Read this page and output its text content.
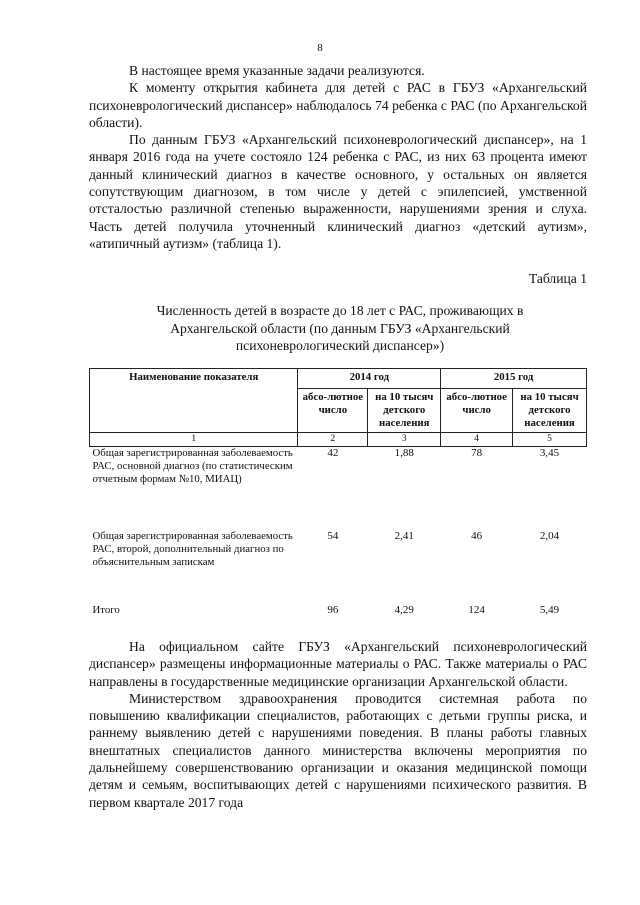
8

В настоящее время указанные задачи реализуются.

К моменту открытия кабинета для детей с РАС в ГБУЗ «Архангельский психоневрологический диспансер» наблюдалось 74 ребенка с РАС (по Архангельской области).

По данным ГБУЗ «Архангельский психоневрологический диспансер», на 1 января 2016 года на учете состояло 124 ребенка с РАС, из них 63 процента имеют данный клинический диагноз в качестве основного, у остальных он является сопутствующим диагнозом, в том числе у детей с эпилепсией, умственной отсталостью различной степенью выраженности, нарушениями зрения и слуха. Часть детей получила уточненный клинический диагноз «детский аутизм», «атипичный аутизм» (таблица 1).

Таблица 1
Численность детей в возрасте до 18 лет с РАС, проживающих в Архангельской области (по данным ГБУЗ «Архангельский психоневрологический диспансер»)
Наименование показателя	2014 год		2015 год	
	абсо-лютное число	на 10 тысяч детского населения	абсо-лютное число	на 10 тысяч детского населения
1	2	3	4	5
Общая зарегистрированная заболеваемость РАС, основной диагноз (по статистическим отчетным формам №10, МИАЦ)	42	1,88	78	3,45
Общая зарегистрированная заболеваемость РАС, второй, дополнительный диагноз по объяснительным запискам	54	2,41	46	2,04
Итого	96	4,29	124	5,49

На официальном сайте ГБУЗ «Архангельский психоневрологический диспансер» размещены информационные материалы о РАС. Также материалы о РАС направлены в государственные медицинские организации Архангельской области.

Министерством здравоохранения проводится системная работа по повышению квалификации специалистов, работающих с детьми группы риска, и раннему выявлению детей с нарушениями поведения. В планы работы главных внештатных специалистов данного министерства включены мероприятия по дальнейшему совершенствованию организации и оказания медицинской помощи детям и семьям, воспитывающих детей с нарушениями психического развития. В первом квартале 2017 года
